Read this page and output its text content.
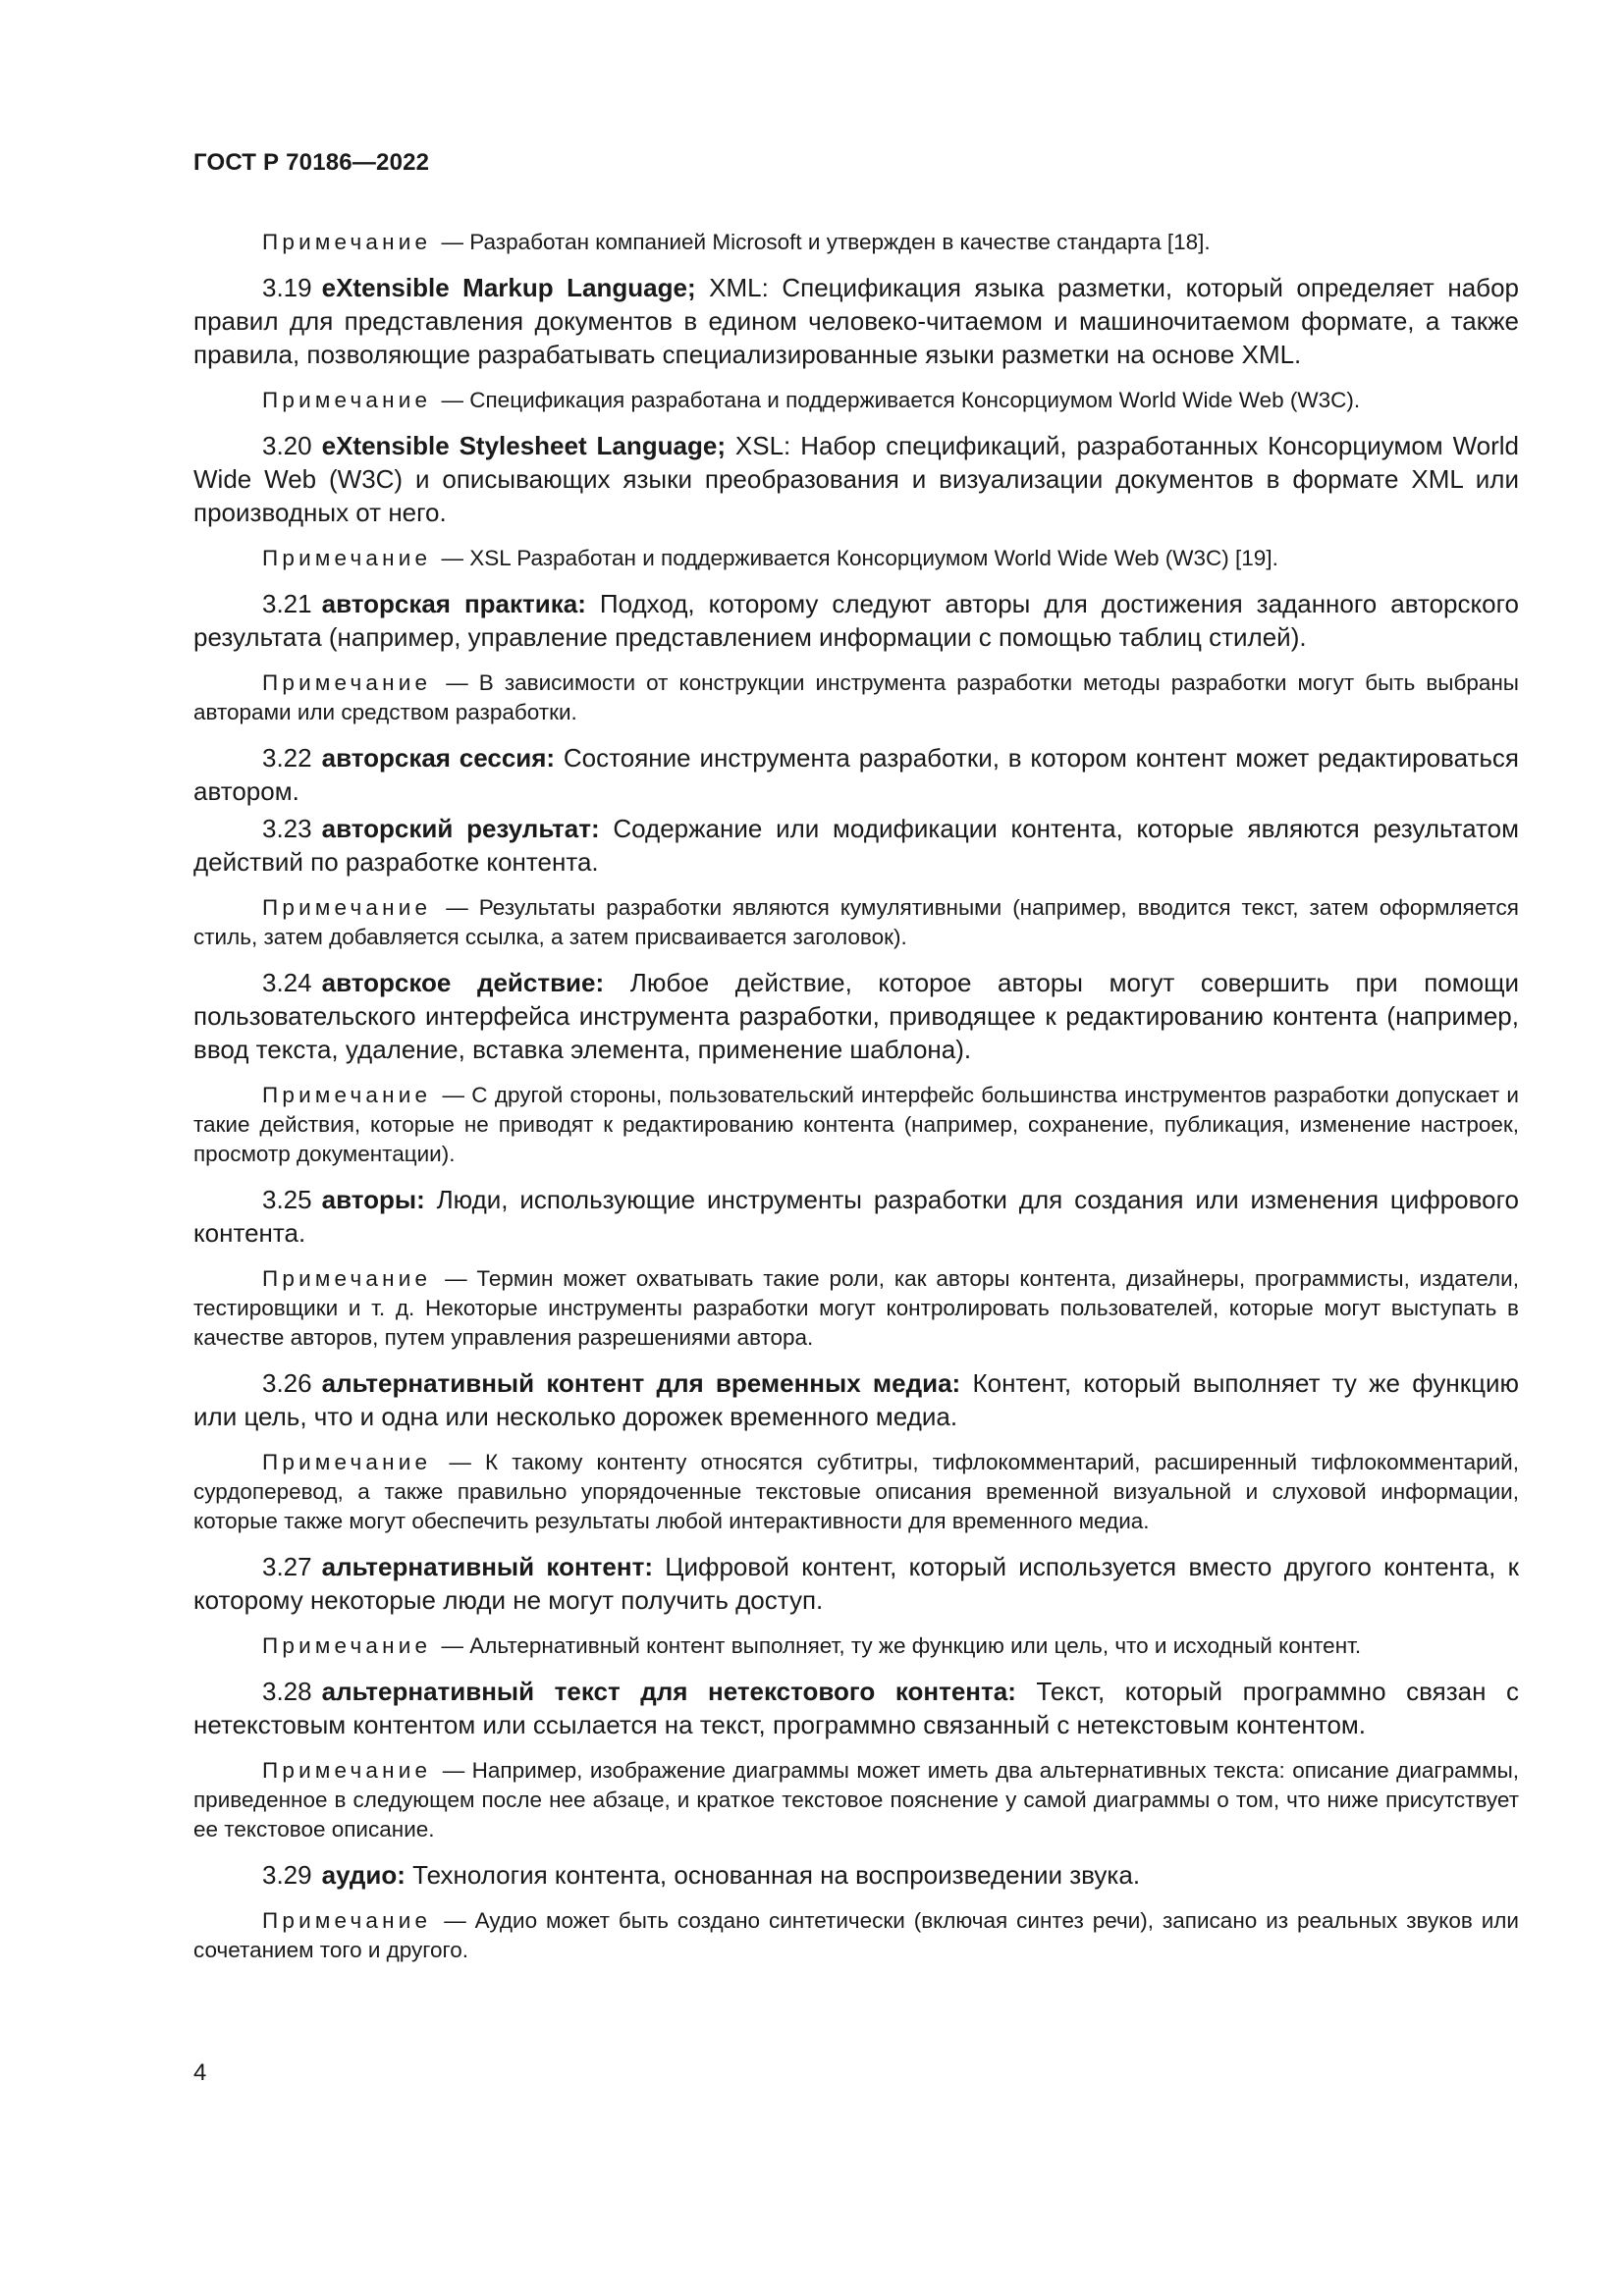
ГОСТ Р 70186—2022

Примечание — Разработан компанией Microsoft и утвержден в качестве стандарта [18].

3.19 eXtensible Markup Language; XML: Спецификация языка разметки, который определяет набор правил для представления документов в едином человеко-читаемом и машиночитаемом формате, а также правила, позволяющие разрабатывать специализированные языки разметки на основе XML.

Примечание — Спецификация разработана и поддерживается Консорциумом World Wide Web (W3C).

3.20 eXtensible Stylesheet Language; XSL: Набор спецификаций, разработанных Консорциумом World Wide Web (W3C) и описывающих языки преобразования и визуализации документов в формате XML или производных от него.

Примечание — XSL Разработан и поддерживается Консорциумом World Wide Web (W3C) [19].

3.21 авторская практика: Подход, которому следуют авторы для достижения заданного авторского результата (например, управление представлением информации с помощью таблиц стилей).

Примечание — В зависимости от конструкции инструмента разработки методы разработки могут быть выбраны авторами или средством разработки.

3.22 авторская сессия: Состояние инструмента разработки, в котором контент может редактироваться автором.

3.23 авторский результат: Содержание или модификации контента, которые являются результатом действий по разработке контента.

Примечание — Результаты разработки являются кумулятивными (например, вводится текст, затем оформляется стиль, затем добавляется ссылка, а затем присваивается заголовок).

3.24 авторское действие: Любое действие, которое авторы могут совершить при помощи пользовательского интерфейса инструмента разработки, приводящее к редактированию контента (например, ввод текста, удаление, вставка элемента, применение шаблона).

Примечание — С другой стороны, пользовательский интерфейс большинства инструментов разработки допускает и такие действия, которые не приводят к редактированию контента (например, сохранение, публикация, изменение настроек, просмотр документации).

3.25 авторы: Люди, использующие инструменты разработки для создания или изменения цифрового контента.

Примечание — Термин может охватывать такие роли, как авторы контента, дизайнеры, программисты, издатели, тестировщики и т. д. Некоторые инструменты разработки могут контролировать пользователей, которые могут выступать в качестве авторов, путем управления разрешениями автора.

3.26 альтернативный контент для временных медиа: Контент, который выполняет ту же функцию или цель, что и одна или несколько дорожек временного медиа.

Примечание — К такому контенту относятся субтитры, тифлокомментарий, расширенный тифлокомментарий, сурдоперевод, а также правильно упорядоченные текстовые описания временной визуальной и слуховой информации, которые также могут обеспечить результаты любой интерактивности для временного медиа.

3.27 альтернативный контент: Цифровой контент, который используется вместо другого контента, к которому некоторые люди не могут получить доступ.

Примечание — Альтернативный контент выполняет, ту же функцию или цель, что и исходный контент.

3.28 альтернативный текст для нетекстового контента: Текст, который программно связан с нетекстовым контентом или ссылается на текст, программно связанный с нетекстовым контентом.

Примечание — Например, изображение диаграммы может иметь два альтернативных текста: описание диаграммы, приведенное в следующем после нее абзаце, и краткое текстовое пояснение у самой диаграммы о том, что ниже присутствует ее текстовое описание.

3.29 аудио: Технология контента, основанная на воспроизведении звука.

Примечание — Аудио может быть создано синтетически (включая синтез речи), записано из реальных звуков или сочетанием того и другого.

4
